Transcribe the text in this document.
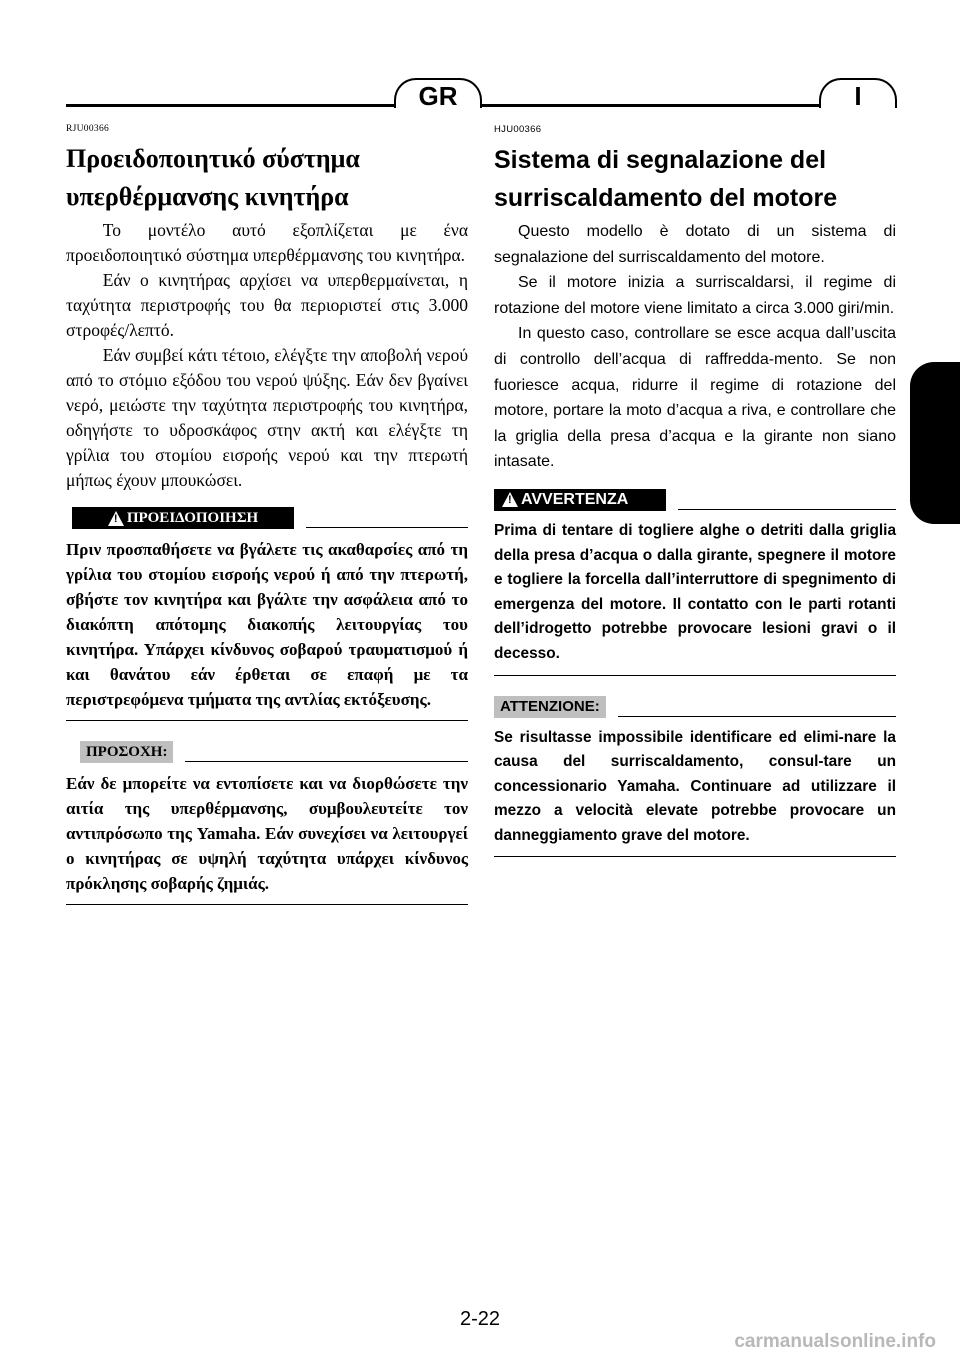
GR	I
RJU00366
Προειδοποιητικό σύστημα
υπερθέρμανσης κινητήρα

Το μοντέλο αυτό εξοπλίζεται με ένα προειδοποιητικό σύστημα υπερθέρμανσης του κινητήρα.

Εάν ο κινητήρας αρχίσει να υπερθερμαίνεται, η ταχύτητα περιστροφής του θα περιοριστεί στις 3.000 στροφές/λεπτό.

Εάν συμβεί κάτι τέτοιο, ελέγξτε την αποβολή νερού από το στόμιο εξόδου του νερού ψύξης. Εάν δεν βγαίνει νερό, μειώστε την ταχύτητα περιστροφής του κινητήρα, οδηγήστε το υδροσκάφος στην ακτή και ελέγξτε τη γρίλια του στομίου εισροής νερού και την πτερωτή μήπως έχουν μπουκώσει.

!
ΠΡΟΕΙΔΟΠΟΙΗΣΗ

Πριν προσπαθήσετε να βγάλετε τις ακαθαρσίες από τη γρίλια του στομίου εισροής νερού ή από την πτερωτή, σβήστε τον κινητήρα και βγάλτε την ασφάλεια από το διακόπτη απότομης διακοπής λειτουργίας του κινητήρα. Υπάρχει κίνδυνος σοβαρού τραυματισμού ή και θανάτου εάν έρθεται σε επαφή με τα περιστρεφόμενα τμήματα της αντλίας εκτόξευσης.

ΠΡΟΣΟΧΗ:

Εάν δε μπορείτε να εντοπίσετε και να διορθώσετε την αιτία της υπερθέρμανσης, συμβουλευτείτε τον αντιπρόσωπο της Yamaha. Εάν συνεχίσει να λειτουργεί ο κινητήρας σε υψηλή ταχύτητα υπάρχει κίνδυνος πρόκλησης σοβαρής ζημιάς.

HJU00366
Sistema di segnalazione del
surriscaldamento del motore

Questo modello è dotato di un sistema di segnalazione del surriscaldamento del motore.

Se il motore inizia a surriscaldarsi, il regime di rotazione del motore viene limitato a circa 3.000 giri/min.

In questo caso, controllare se esce acqua dall’uscita di controllo dell’acqua di raffredda-mento. Se non fuoriesce acqua, ridurre il regime di rotazione del motore, portare la moto d’acqua a riva, e controllare che la griglia della presa d’acqua e la girante non siano intasate.

!
AVVERTENZA

Prima di tentare di togliere alghe o detriti dalla griglia della presa d’acqua o dalla girante, spegnere il motore e togliere la forcella dall’interruttore di spegnimento di emergenza del motore. Il contatto con le parti rotanti dell’idrogetto potrebbe provocare lesioni gravi o il decesso.

ATTENZIONE:

Se risultasse impossibile identificare ed elimi-nare la causa del surriscaldamento, consul-tare un concessionario Yamaha. Continuare ad utilizzare il mezzo a velocità elevate potrebbe provocare un danneggiamento grave del motore.

2-22
carmanualsonline.info
